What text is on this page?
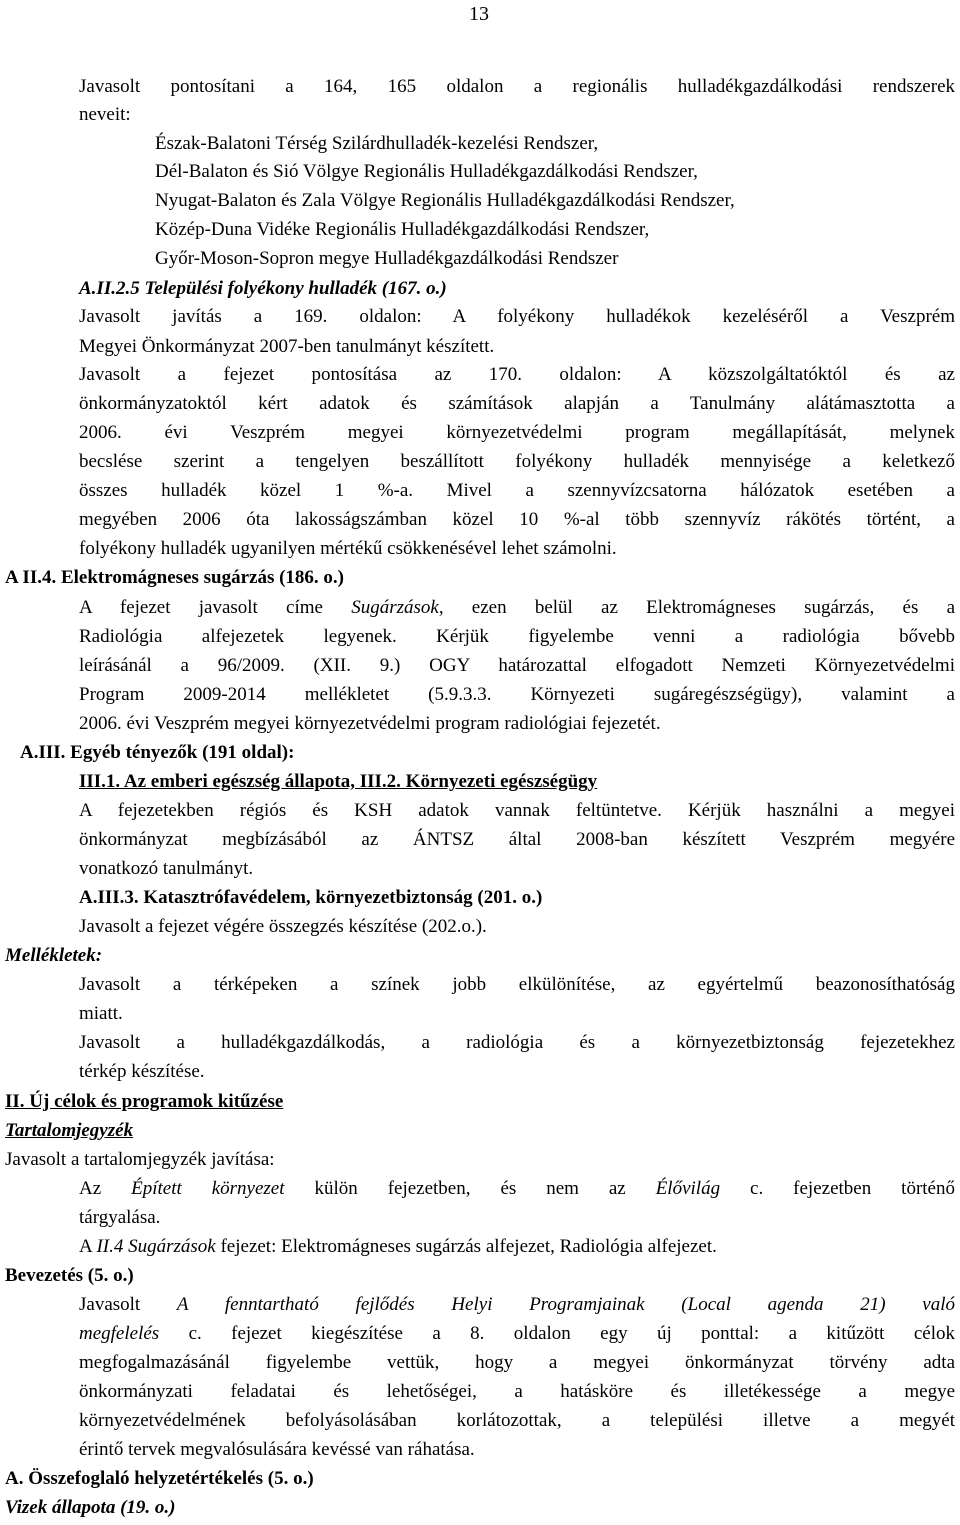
13
Javasolt pontosítani a 164, 165 oldalon a regionális hulladékgazdálkodási rendszerek
neveit:
Észak-Balatoni Térség Szilárdhulladék-kezelési Rendszer,
Dél-Balaton és Sió Völgye Regionális Hulladékgazdálkodási Rendszer,
Nyugat-Balaton és Zala Völgye Regionális Hulladékgazdálkodási Rendszer,
Közép-Duna Vidéke Regionális Hulladékgazdálkodási Rendszer,
Győr-Moson-Sopron megye Hulladékgazdálkodási Rendszer
A.II.2.5 Települési folyékony hulladék (167. o.)
Javasolt javítás a 169. oldalon: A folyékony hulladékok kezeléséről a Veszprém
Megyei Önkormányzat 2007-ben tanulmányt készített.
Javasolt a fejezet pontosítása az 170. oldalon: A közszolgáltatóktól és az
önkormányzatoktól kért adatok és számítások alapján a Tanulmány alátámasztotta a
2006. évi Veszprém megyei környezetvédelmi program megállapítását, melynek
becslése szerint a tengelyen beszállított folyékony hulladék mennyisége a keletkező
összes hulladék közel 1 %-a. Mivel a szennyvízcsatorna hálózatok esetében a
megyében 2006 óta lakosságszámban közel 10 %-al több szennyvíz rákötés történt, a
folyékony hulladék ugyanilyen mértékű csökkenésével lehet számolni.
A II.4. Elektromágneses sugárzás (186. o.)
A fejezet javasolt címe Sugárzások, ezen belül az Elektromágneses sugárzás, és a
Radiológia alfejezetek legyenek. Kérjük figyelembe venni a radiológia bővebb
leírásánál a 96/2009. (XII. 9.) OGY határozattal elfogadott Nemzeti Környezetvédelmi
Program 2009-2014 mellékletet (5.9.3.3. Környezeti sugáregészségügy), valamint a
2006. évi Veszprém megyei környezetvédelmi program radiológiai fejezetét.
A.III. Egyéb tényezők (191 oldal):
III.1. Az emberi egészség állapota, III.2. Környezeti egészségügy
A fejezetekben régiós és KSH adatok vannak feltüntetve. Kérjük használni a megyei
önkormányzat megbízásából az ÁNTSZ által 2008-ban készített Veszprém megyére
vonatkozó tanulmányt.
A.III.3. Katasztrófavédelem, környezetbiztonság (201. o.)
Javasolt a fejezet végére összegzés készítése (202.o.).
Mellékletek:
Javasolt a térképeken a színek jobb elkülönítése, az egyértelmű beazonosíthatóság
miatt.
Javasolt a hulladékgazdálkodás, a radiológia és a környezetbiztonság fejezetekhez
térkép készítése.
II. Új célok és programok kitűzése
Tartalomjegyzék
Javasolt a tartalomjegyzék javítása:
Az Épített környezet külön fejezetben, és nem az Élővilág c. fejezetben történő
tárgyalása.
A II.4 Sugárzások fejezet: Elektromágneses sugárzás alfejezet, Radiológia alfejezet.
Bevezetés (5. o.)
Javasolt A fenntartható fejlődés Helyi Programjainak (Local agenda 21) való
megfelelés c. fejezet kiegészítése a 8. oldalon egy új ponttal: a kitűzött célok
megfogalmazásánál figyelembe vettük, hogy a megyei önkormányzat törvény adta
önkormányzati feladatai és lehetőségei, a hatásköre és illetékessége a megye
környezetvédelmének befolyásolásában korlátozottak, a települési illetve a megyét
érintő tervek megvalósulására kevéssé van ráhatása.
A. Összefoglaló helyzetértékelés (5. o.)
Vizek állapota (19. o.)
